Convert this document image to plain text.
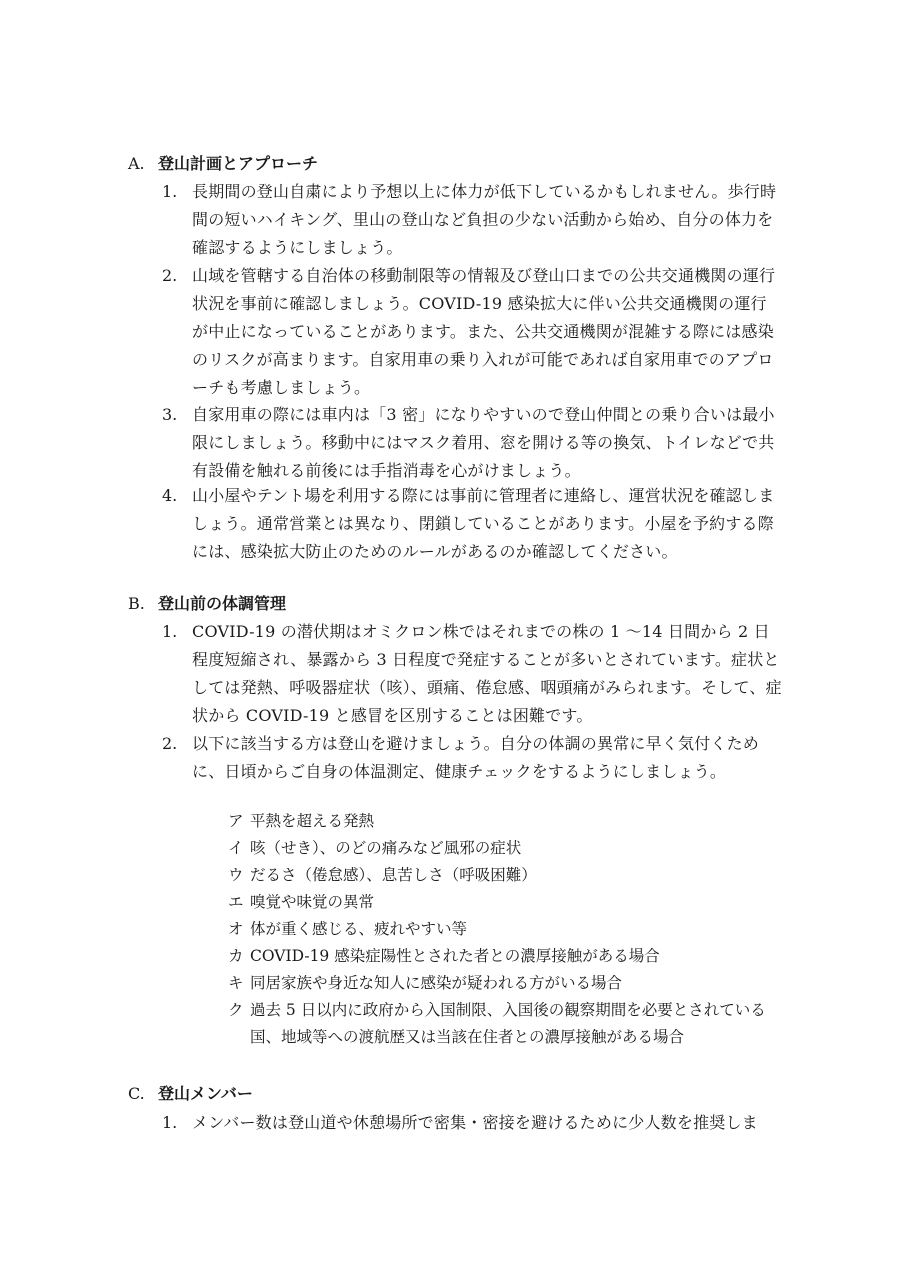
A. 登山計画とアプローチ
1. 長期間の登山自粛により予想以上に体力が低下しているかもしれません。歩行時間の短いハイキング、里山の登山など負担の少ない活動から始め、自分の体力を確認するようにしましょう。
2. 山域を管轄する自治体の移動制限等の情報及び登山口までの公共交通機関の運行状況を事前に確認しましょう。COVID-19 感染拡大に伴い公共交通機関の運行が中止になっていることがあります。また、公共交通機関が混雑する際には感染のリスクが高まります。自家用車の乗り入れが可能であれば自家用車でのアプローチも考慮しましょう。
3. 自家用車の際には車内は「3 密」になりやすいので登山仲間との乗り合いは最小限にしましょう。移動中にはマスク着用、窓を開ける等の換気、トイレなどで共有設備を触れる前後には手指消毒を心がけましょう。
4. 山小屋やテント場を利用する際には事前に管理者に連絡し、運営状況を確認しましょう。通常営業とは異なり、閉鎖していることがあります。小屋を予約する際には、感染拡大防止のためのルールがあるのか確認してください。
B. 登山前の体調管理
1. COVID-19 の潜伏期はオミクロン株ではそれまでの株の 1 ～14 日間から 2 日程度短縮され、暴露から 3 日程度で発症することが多いとされています。症状としては発熱、呼吸器症状（咳）、頭痛、倦怠感、咽頭痛がみられます。そして、症状から COVID-19 と感冒を区別することは困難です。
2. 以下に該当する方は登山を避けましょう。自分の体調の異常に早く気付くために、日頃からご自身の体温測定、健康チェックをするようにしましょう。
ア 平熱を超える発熱
イ 咳（せき）、のどの痛みなど風邪の症状
ウ だるさ（倦怠感）、息苦しさ（呼吸困難）
エ 嗅覚や味覚の異常
オ 体が重く感じる、疲れやすい等
カ COVID-19 感染症陽性とされた者との濃厚接触がある場合
キ 同居家族や身近な知人に感染が疑われる方がいる場合
ク 過去 5 日以内に政府から入国制限、入国後の観察期間を必要とされている国、地域等への渡航歴又は当該在住者との濃厚接触がある場合
C. 登山メンバー
1. メンバー数は登山道や休憩場所で密集・密接を避けるために少人数を推奨しま
